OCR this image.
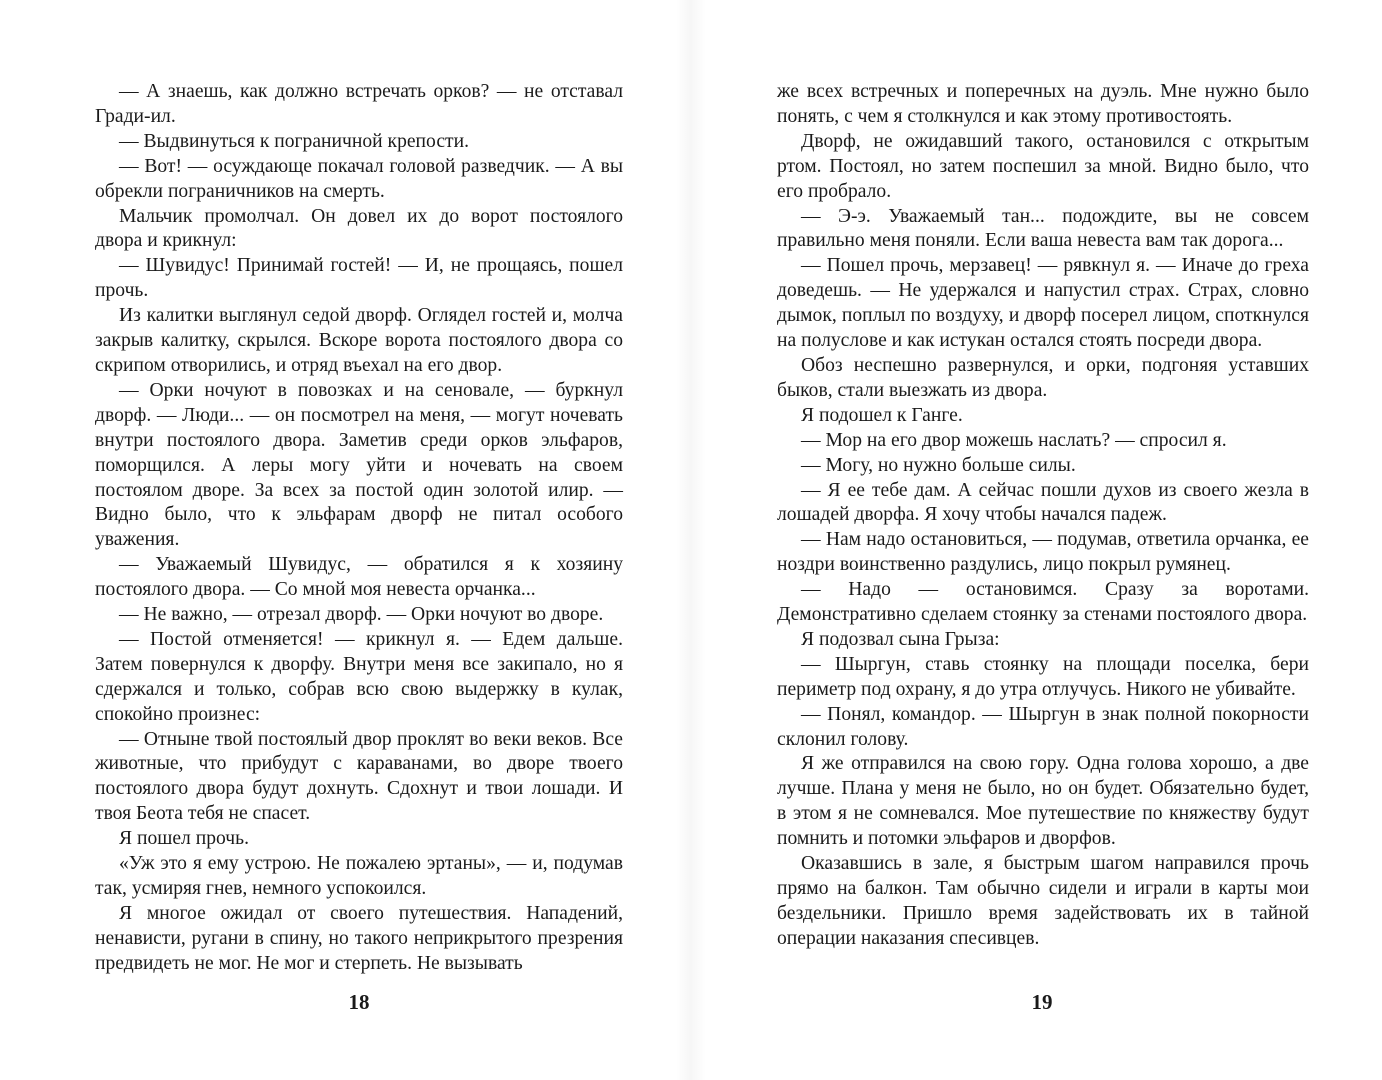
— А знаешь, как должно встречать орков? — не отставал Гради-ил.

— Выдвинуться к пограничной крепости.

— Вот! — осуждающе покачал головой разведчик. — А вы обрекли пограничников на смерть.

Мальчик промолчал. Он довел их до ворот постоялого двора и крикнул:

— Шувидус! Принимай гостей! — И, не прощаясь, пошел прочь.

Из калитки выглянул седой дворф. Оглядел гостей и, молча закрыв калитку, скрылся. Вскоре ворота постоялого двора со скрипом отворились, и отряд въехал на его двор.

— Орки ночуют в повозках и на сеновале, — буркнул дворф. — Люди... — он посмотрел на меня, — могут ночевать внутри постоялого двора. Заметив среди орков эльфаров, поморщился. А леры могу уйти и ночевать на своем постоялом дворе. За всех за постой один золотой илир. — Видно было, что к эльфарам дворф не питал особого уважения.

— Уважаемый Шувидус, — обратился я к хозяину постоялого двора. — Со мной моя невеста орчанка...

— Не важно, — отрезал дворф. — Орки ночуют во дворе.

— Постой отменяется! — крикнул я. — Едем дальше. Затем повернулся к дворфу. Внутри меня все закипало, но я сдержался и только, собрав всю свою выдержку в кулак, спокойно произнес:

— Отныне твой постоялый двор проклят во веки веков. Все животные, что прибудут с караванами, во дворе твоего постоялого двора будут дохнуть. Сдохнут и твои лошади. И твоя Беота тебя не спасет.

Я пошел прочь.

«Уж это я ему устрою. Не пожалею эртаны», — и, подумав так, усмиряя гнев, немного успокоился.

Я многое ожидал от своего путешествия. Нападений, ненависти, ругани в спину, но такого неприкрытого презрения предвидеть не мог. Не мог и стерпеть. Не вызывать

18

же всех встречных и поперечных на дуэль. Мне нужно было понять, с чем я столкнулся и как этому противостоять.

Дворф, не ожидавший такого, остановился с открытым ртом. Постоял, но затем поспешил за мной. Видно было, что его пробрало.

— Э-э. Уважаемый тан... подождите, вы не совсем правильно меня поняли. Если ваша невеста вам так дорога...

— Пошел прочь, мерзавец! — рявкнул я. — Иначе до греха доведешь. — Не удержался и напустил страх. Страх, словно дымок, поплыл по воздуху, и дворф посерел лицом, споткнулся на полуслове и как истукан остался стоять посреди двора.

Обоз неспешно развернулся, и орки, подгоняя уставших быков, стали выезжать из двора.

Я подошел к Ганге.

— Мор на его двор можешь наслать? — спросил я.

— Могу, но нужно больше силы.

— Я ее тебе дам. А сейчас пошли духов из своего жезла в лошадей дворфа. Я хочу чтобы начался падеж.

— Нам надо остановиться, — подумав, ответила орчанка, ее ноздри воинственно раздулись, лицо покрыл румянец.

— Надо — остановимся. Сразу за воротами. Демонстративно сделаем стоянку за стенами постоялого двора.

Я подозвал сына Грыза:

— Шыргун, ставь стоянку на площади поселка, бери периметр под охрану, я до утра отлучусь. Никого не убивайте.

— Понял, командор. — Шыргун в знак полной покорности склонил голову.

Я же отправился на свою гору. Одна голова хорошо, а две лучше. Плана у меня не было, но он будет. Обязательно будет, в этом я не сомневался. Мое путешествие по княжеству будут помнить и потомки эльфаров и дворфов.

Оказавшись в зале, я быстрым шагом направился прочь прямо на балкон. Там обычно сидели и играли в карты мои бездельники. Пришло время задействовать их в тайной операции наказания спесивцев.

19
